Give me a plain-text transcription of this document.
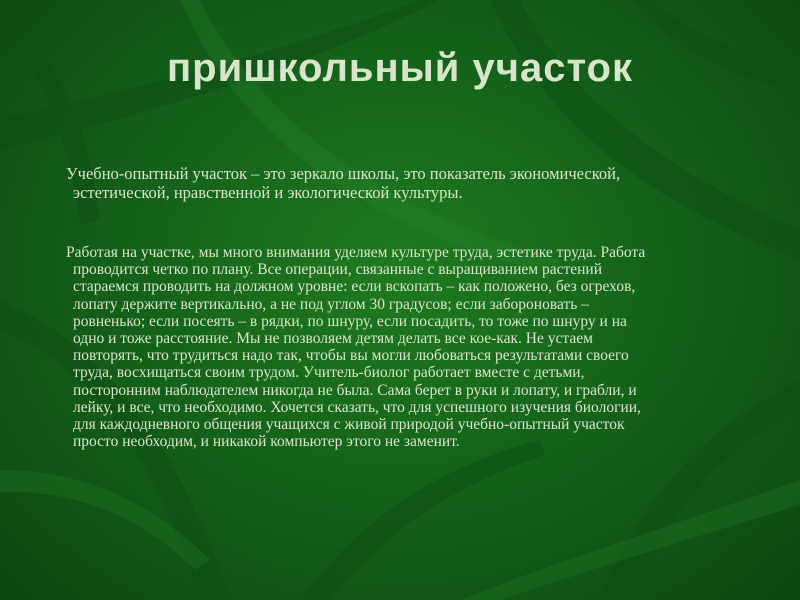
пришкольный участок

Учебно-опытный участок – это зеркало школы, это показатель экономической,
эстетической, нравственной и экологической культуры.

Работая на участке, мы много внимания уделяем культуре труда, эстетике труда. Работа
проводится четко по плану. Все операции, связанные с выращиванием растений
стараемся проводить на должном уровне: если вскопать – как положено, без огрехов,
лопату держите вертикально, а не под углом 30 градусов; если забороновать –
ровненько; если посеять – в рядки, по шнуру, если посадить, то тоже по шнуру и на
одно и тоже расстояние. Мы не позволяем детям делать все кое-как. Не устаем
повторять, что трудиться надо так, чтобы вы могли любоваться результатами своего
труда, восхищаться своим трудом. Учитель-биолог работает вместе с детьми,
посторонним наблюдателем никогда не была. Сама берет в руки и лопату, и грабли, и
лейку, и все, что необходимо. Хочется сказать, что для успешного изучения биологии,
для каждодневного общения учащихся с живой природой учебно-опытный участок
просто необходим, и никакой компьютер этого не заменит.
